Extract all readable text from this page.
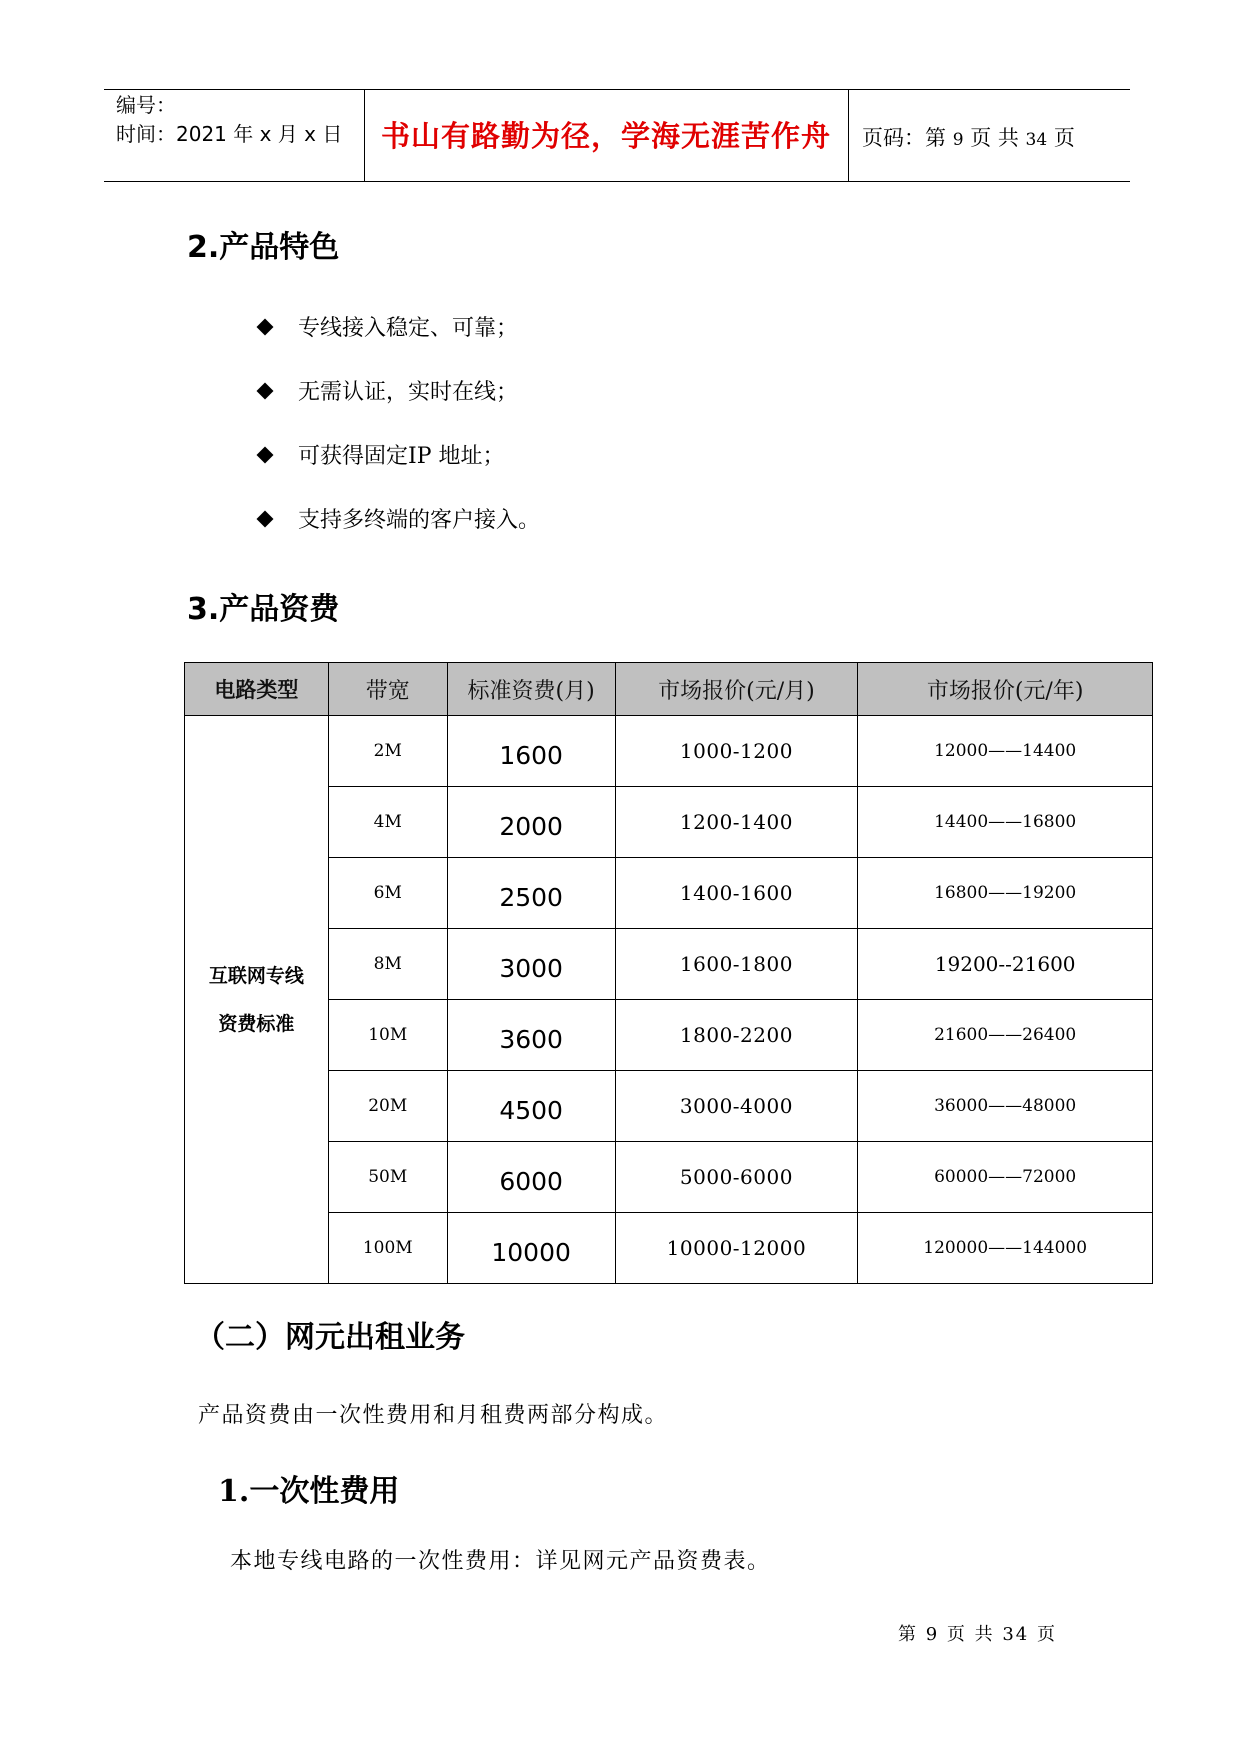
编号：
时间：2021 年 x 月 x 日	书山有路勤为径，学海无涯苦作舟	页码：第 9 页 共 34 页
2.产品特色
专线接入稳定、可靠；
无需认证，实时在线；
可获得固定IP 地址；
支持多终端的客户接入。
3.产品资费
电路类型	带宽	标准资费(月)	市场报价(元/月)	市场报价(元/年)

互联网专线
资费标准	2M	1600	1000-1200	12000——14400
	4M	2000	1200-1400	14400——16800
	6M	2500	1400-1600	16800——19200
	8M	3000	1600-1800	19200--21600
	10M	3600	1800-2200	21600——26400
	20M	4500	3000-4000	36000——48000
	50M	6000	5000-6000	60000——72000
	100M	10000	10000-12000	120000——144000
（二）网元出租业务
产品资费由一次性费用和月租费两部分构成。
1.一次性费用
本地专线电路的一次性费用：详见网元产品资费表。
第 9 页 共 34 页
